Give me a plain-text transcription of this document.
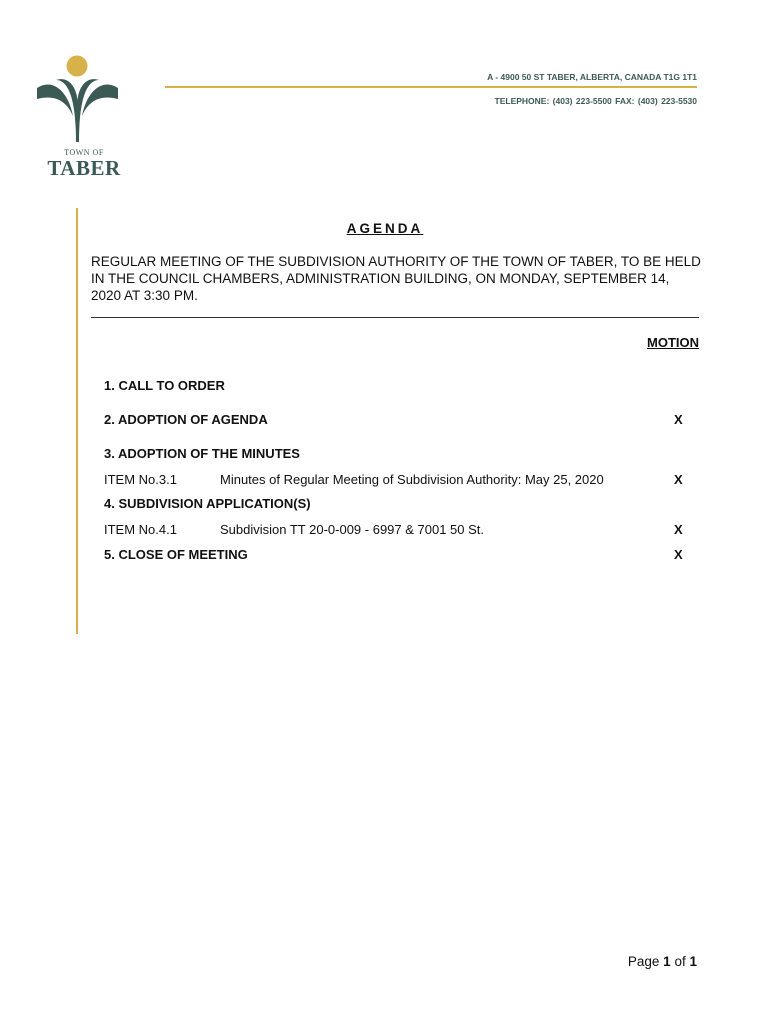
TOWN OF
TABER
A - 4900 50 ST TABER, ALBERTA, CANADA T1G 1T1
TELEPHONE: (403) 223-5500 FAX: (403) 223-5530
AGENDA
REGULAR MEETING OF THE SUBDIVISION AUTHORITY OF THE TOWN OF TABER, TO BE HELD IN THE COUNCIL CHAMBERS, ADMINISTRATION BUILDING, ON MONDAY, SEPTEMBER 14, 2020 AT 3:30 PM.
MOTION
1. CALL TO ORDER
2. ADOPTION OF AGENDA	X
3. ADOPTION OF THE MINUTES
ITEM No.3.1	Minutes of Regular Meeting of Subdivision Authority: May 25, 2020	X
4. SUBDIVISION APPLICATION(S)
ITEM No.4.1	Subdivision TT 20-0-009 - 6997 & 7001 50 St.	X
5. CLOSE OF MEETING	X
Page 1 of 1
